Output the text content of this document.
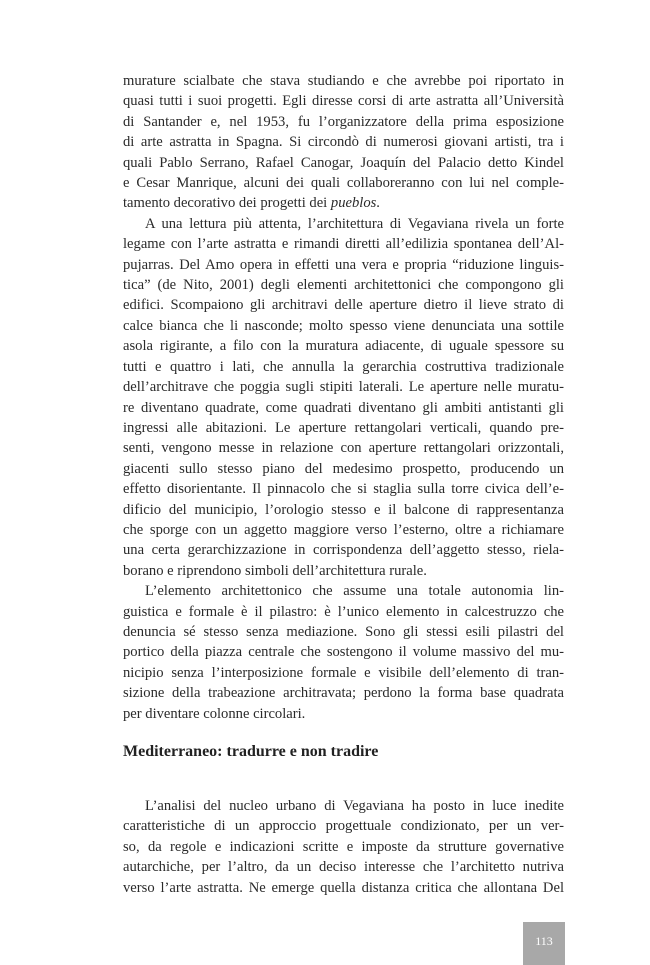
murature scialbate che stava studiando e che avrebbe poi riportato in
quasi tutti i suoi progetti. Egli diresse corsi di arte astratta all’Università
di Santander e, nel 1953, fu l’organizzatore della prima esposizione
di arte astratta in Spagna. Si circondò di numerosi giovani artisti, tra i
quali Pablo Serrano, Rafael Canogar, Joaquín del Palacio detto Kindel
e Cesar Manrique, alcuni dei quali collaboreranno con lui nel comple-
tamento decorativo dei progetti dei pueblos.
A una lettura più attenta, l’architettura di Vegaviana rivela un forte
legame con l’arte astratta e rimandi diretti all’edilizia spontanea dell’Al-
pujarras. Del Amo opera in effetti una vera e propria “riduzione linguis-
tica” (de Nito, 2001) degli elementi architettonici che compongono gli
edifici. Scompaiono gli architravi delle aperture dietro il lieve strato di
calce bianca che li nasconde; molto spesso viene denunciata una sottile
asola rigirante, a filo con la muratura adiacente, di uguale spessore su
tutti e quattro i lati, che annulla la gerarchia costruttiva tradizionale
dell’architrave che poggia sugli stipiti laterali. Le aperture nelle muratu-
re diventano quadrate, come quadrati diventano gli ambiti antistanti gli
ingressi alle abitazioni. Le aperture rettangolari verticali, quando pre-
senti, vengono messe in relazione con aperture rettangolari orizzontali,
giacenti sullo stesso piano del medesimo prospetto, producendo un
effetto disorientante. Il pinnacolo che si staglia sulla torre civica dell’e-
dificio del municipio, l’orologio stesso e il balcone di rappresentanza
che sporge con un aggetto maggiore verso l’esterno, oltre a richiamare
una certa gerarchizzazione in corrispondenza dell’aggetto stesso, riela-
borano e riprendono simboli dell’architettura rurale.
L’elemento architettonico che assume una totale autonomia lin-
guistica e formale è il pilastro: è l’unico elemento in calcestruzzo che
denuncia sé stesso senza mediazione. Sono gli stessi esili pilastri del
portico della piazza centrale che sostengono il volume massivo del mu-
nicipio senza l’interposizione formale e visibile dell’elemento di tran-
sizione della trabeazione architravata; perdono la forma base quadrata
per diventare colonne circolari.
Mediterraneo: tradurre e non tradire
L’analisi del nucleo urbano di Vegaviana ha posto in luce inedite
caratteristiche di un approccio progettuale condizionato, per un ver-
so, da regole e indicazioni scritte e imposte da strutture governative
autarchiche, per l’altro, da un deciso interesse che l’architetto nutriva
verso l’arte astratta. Ne emerge quella distanza critica che allontana Del
113
